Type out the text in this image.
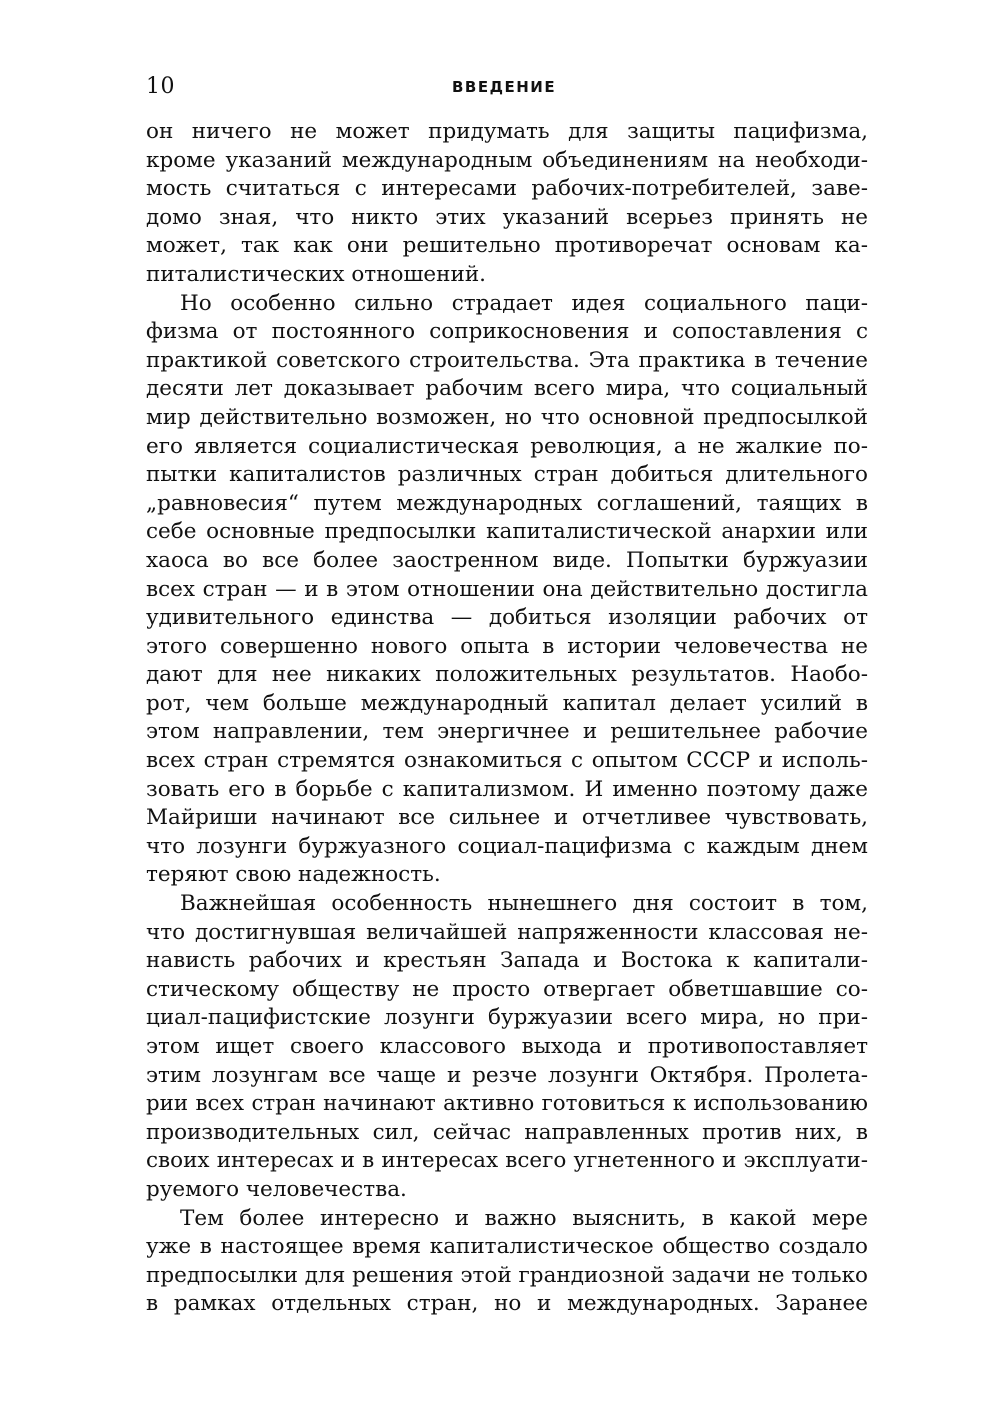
10	ВВЕДЕНИЕ
он ничего не может придумать для защиты пацифизма,
кроме указаний международным объединениям на необходи-
мость считаться с интересами рабочих-потребителей, заве-
домо зная, что никто этих указаний всерьез принять не
может, так как они решительно противоречат основам ка-
питалистических отношений.
Но особенно сильно страдает идея социального паци-
физма от постоянного соприкосновения и сопоставления с
практикой советского строительства. Эта практика в течение
десяти лет доказывает рабочим всего мира, что социальный
мир действительно возможен, но что основной предпосылкой
его является социалистическая революция, а не жалкие по-
пытки капиталистов различных стран добиться длительного
„равновесия“ путем международных соглашений, таящих в
себе основные предпосылки капиталистической анархии или
хаоса во все более заостренном виде. Попытки буржуазии
всех стран — и в этом отношении она действительно достигла
удивительного единства — добиться изоляции рабочих от
этого совершенно нового опыта в истории человечества не
дают для нее никаких положительных результатов. Наобо-
рот, чем больше международный капитал делает усилий в
этом направлении, тем энергичнее и решительнее рабочие
всех стран стремятся ознакомиться с опытом СССР и исполь-
зовать его в борьбе с капитализмом. И именно поэтому даже
Майриши начинают все сильнее и отчетливее чувствовать,
что лозунги буржуазного социал-пацифизма с каждым днем
теряют свою надежность.
Важнейшая особенность нынешнего дня состоит в том,
что достигнувшая величайшей напряженности классовая не-
нависть рабочих и крестьян Запада и Востока к капитали-
стическому обществу не просто отвергает обветшавшие со-
циал-пацифистские лозунги буржуазии всего мира, но при-
этом ищет своего классового выхода и противопоставляет
этим лозунгам все чаще и резче лозунги Октября. Пролета-
рии всех стран начинают активно готовиться к использованию
производительных сил, сейчас направленных против них, в
своих интересах и в интересах всего угнетенного и эксплуати-
руемого человечества.
Тем более интересно и важно выяснить, в какой мере
уже в настоящее время капиталистическое общество создало
предпосылки для решения этой грандиозной задачи не только
в рамках отдельных стран, но и международных. Заранее
